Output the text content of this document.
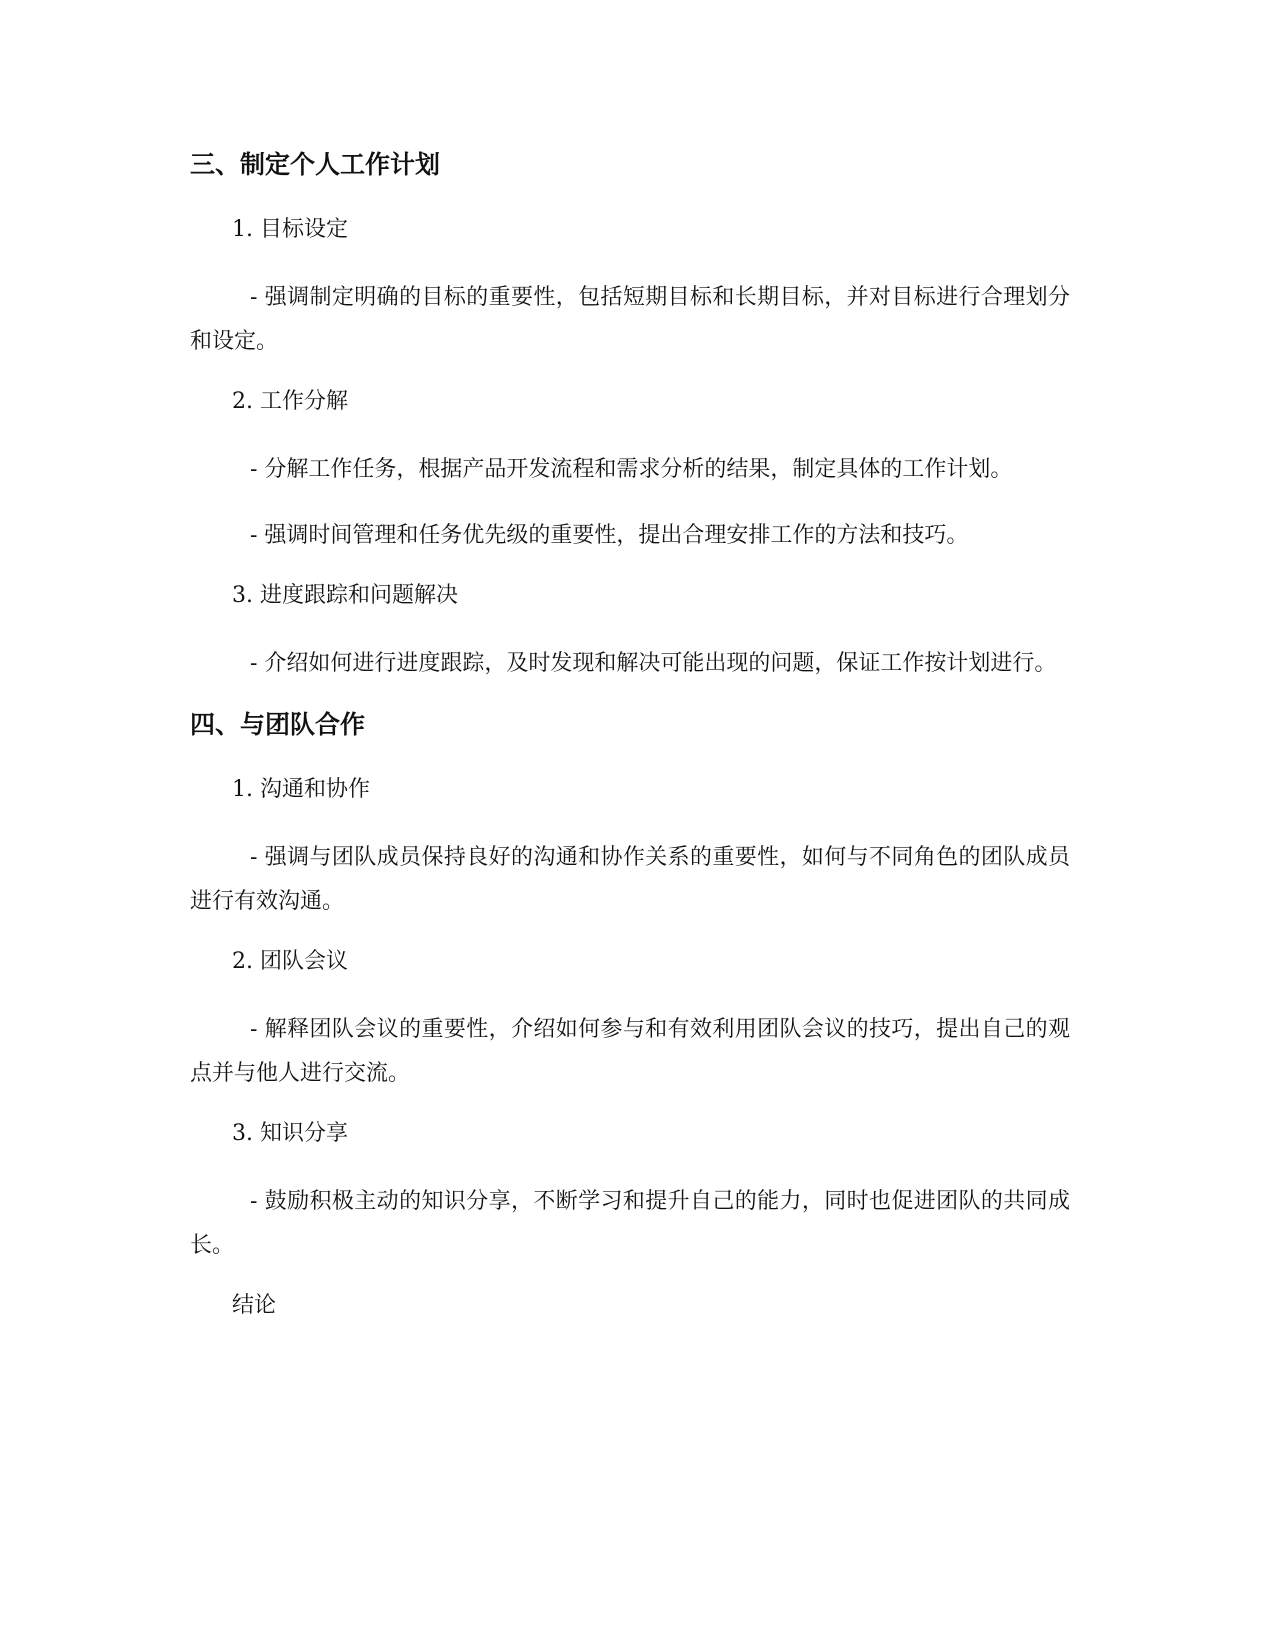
三、制定个人工作计划
1. 目标设定

- 强调制定明确的目标的重要性，包括短期目标和长期目标，并对目标进行合理划分和设定。

2. 工作分解

- 分解工作任务，根据产品开发流程和需求分析的结果，制定具体的工作计划。

- 强调时间管理和任务优先级的重要性，提出合理安排工作的方法和技巧。

3. 进度跟踪和问题解决

- 介绍如何进行进度跟踪，及时发现和解决可能出现的问题，保证工作按计划进行。

四、与团队合作
1. 沟通和协作

- 强调与团队成员保持良好的沟通和协作关系的重要性，如何与不同角色的团队成员进行有效沟通。

2. 团队会议

- 解释团队会议的重要性，介绍如何参与和有效利用团队会议的技巧，提出自己的观点并与他人进行交流。

3. 知识分享

- 鼓励积极主动的知识分享，不断学习和提升自己的能力，同时也促进团队的共同成长。

结论
